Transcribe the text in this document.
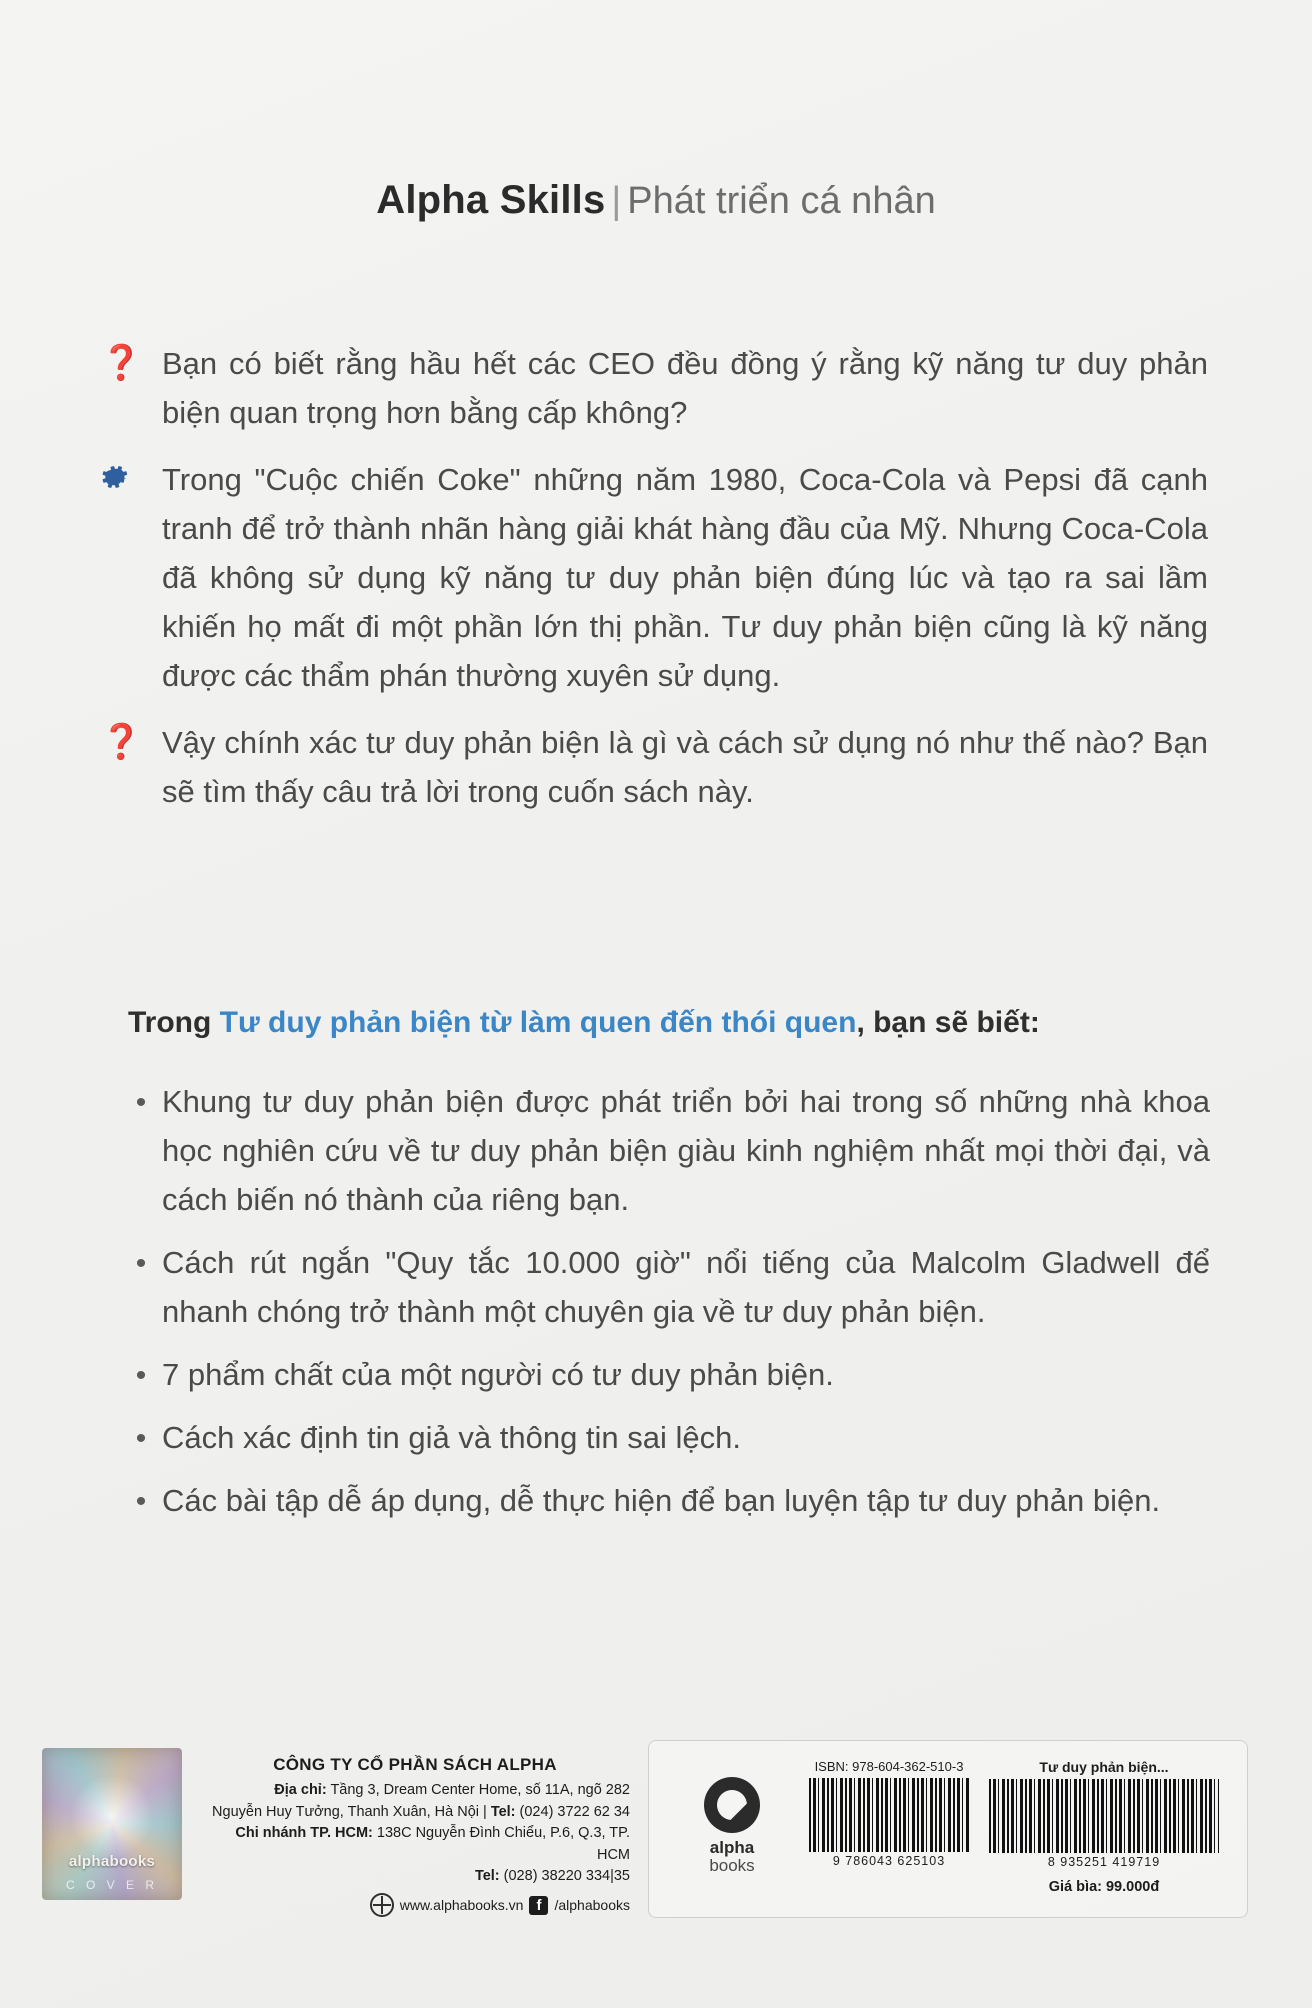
Alpha Skills | Phát triển cá nhân
❓ Bạn có biết rằng hầu hết các CEO đều đồng ý rằng kỹ năng tư duy phản biện quan trọng hơn bằng cấp không?
Trong "Cuộc chiến Coke" những năm 1980, Coca-Cola và Pepsi đã cạnh tranh để trở thành nhãn hàng giải khát hàng đầu của Mỹ. Nhưng Coca-Cola đã không sử dụng kỹ năng tư duy phản biện đúng lúc và tạo ra sai lầm khiến họ mất đi một phần lớn thị phần. Tư duy phản biện cũng là kỹ năng được các thẩm phán thường xuyên sử dụng.
❓ Vậy chính xác tư duy phản biện là gì và cách sử dụng nó như thế nào? Bạn sẽ tìm thấy câu trả lời trong cuốn sách này.
Trong Tư duy phản biện từ làm quen đến thói quen, bạn sẽ biết:
• Khung tư duy phản biện được phát triển bởi hai trong số những nhà khoa học nghiên cứu về tư duy phản biện giàu kinh nghiệm nhất mọi thời đại, và cách biến nó thành của riêng bạn.
• Cách rút ngắn "Quy tắc 10.000 giờ" nổi tiếng của Malcolm Gladwell để nhanh chóng trở thành một chuyên gia về tư duy phản biện.
• 7 phẩm chất của một người có tư duy phản biện.
• Cách xác định tin giả và thông tin sai lệch.
• Các bài tập dễ áp dụng, dễ thực hiện để bạn luyện tập tư duy phản biện.
alphabooks
C O V E R
CÔNG TY CỔ PHẦN SÁCH ALPHA
Địa chỉ: Tầng 3, Dream Center Home, số 11A, ngõ 282
Nguyễn Huy Tưởng, Thanh Xuân, Hà Nội | Tel: (024) 3722 62 34
Chi nhánh TP. HCM: 138C Nguyễn Đình Chiểu, P.6, Q.3, TP. HCM
Tel: (028) 38220 334|35
www.alphabooks.vn f /alphabooks
alpha
books
ISBN: 978-604-362-510-3
9 786043 625103
Tư duy phản biện...
8 935251 419719
Giá bìa: 99.000đ
